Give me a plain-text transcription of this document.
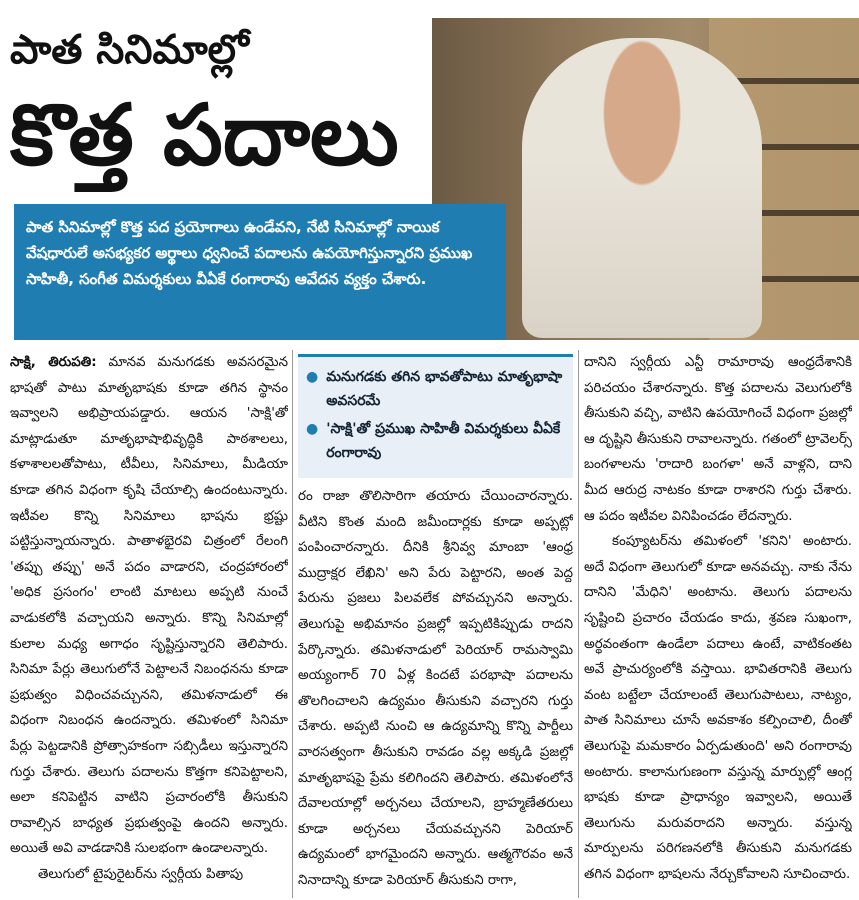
పాత సినిమాల్లో
కొత్త పదాలు
పాత సినిమాల్లో కొత్త పద ప్రయోగాలు ఉండేవని, నేటి సినిమాల్లో నాయిక వేషధారులే అసభ్యకర అర్థాలు ధ్వనించే పదాలను ఉపయోగిస్తున్నారని ప్రముఖ సాహితీ, సంగీత విమర్శకులు వీఏకే రంగారావు ఆవేదన వ్యక్తం చేశారు.

సాక్షి, తిరుపతి: మానవ మనుగడకు అవసరమైన భాషతో పాటు మాతృభాషకు కూడా తగిన స్థానం ఇవ్వాలని అభిప్రాయపడ్డారు. ఆయన 'సాక్షి'తో మాట్లాడుతూ మాతృభాషాభివృద్ధికి పాఠశాలలు, కళాశాలలతోపాటు, టీవీలు, సినిమాలు, మీడియా కూడా తగిన విధంగా కృషి చేయాల్సి ఉందంటున్నారు. ఇటీవల కొన్ని సినిమాలు భాషను భ్రష్టు పట్టిస్తున్నాయన్నారు. పాతాళభైరవి చిత్రంలో రేలంగి 'తప్పు తప్పు' అనే పదం వాడారని, చంద్రహారంలో 'అధిక ప్రసంగం' లాంటి మాటలు అప్పటి నుంచే వాడుకలోకి వచ్చాయని అన్నారు. కొన్ని సినిమాల్లో కులాల మధ్య అగాధం సృష్టిస్తున్నారని తెలిపారు. సినిమా పేర్లు తెలుగులోనే పెట్టాలనే నిబంధనను కూడా ప్రభుత్వం విధించవచ్చునని, తమిళనాడులో ఈ విధంగా నిబంధన ఉందన్నారు. తమిళంలో సినిమా పేర్లు పెట్టడానికి ప్రోత్సాహకంగా సబ్సిడీలు ఇస్తున్నారని గుర్తు చేశారు. తెలుగు పదాలను కొత్తగా కనిపెట్టాలని, అలా కనిపెట్టిన వాటిని ప్రచారంలోకి తీసుకుని రావాల్సిన బాధ్యత ప్రభుత్వంపై ఉందని అన్నారు. అయితే అవి వాడడానికి సులభంగా ఉండాలన్నారు.

తెలుగులో టైపురైటర్‌ను స్వర్గీయ పితాపు

● మనుగడకు తగిన భావతోపాటు మాతృభాషా అవసరమే
● 'సాక్షి'తో ప్రముఖ సాహితీ విమర్శకులు వీఏకే రంగారావు

రం రాజా తొలిసారిగా తయారు చేయించారన్నారు. వీటిని కొంత మంది జమీందార్లకు కూడా అప్పట్లో పంపించారన్నారు. దీనికి శ్రీనివ్వ మాంబా 'ఆంధ్ర ముద్రాక్షర లేఖిని' అని పేరు పెట్టారని, అంత పెద్ద పేరును ప్రజలు పిలవలేక పోవచ్చునని అన్నారు. తెలుగుపై అభిమానం ప్రజల్లో ఇప్పటికిప్పుడు రాదని పేర్కొన్నారు. తమిళనాడులో పెరియార్ రామస్వామి అయ్యంగార్ 70 ఏళ్ల కిందటే పరభాషా పదాలను తొలగించాలని ఉద్యమం తీసుకుని వచ్చారని గుర్తు చేశారు. అప్పటి నుంచి ఆ ఉద్యమాన్ని కొన్ని పార్టీలు వారసత్వంగా తీసుకుని రావడం వల్ల అక్కడి ప్రజల్లో మాతృభాషపై ప్రేమ కలిగిందని తెలిపారు. తమిళంలోనే దేవాలయాల్లో అర్చనలు చేయాలని, బ్రాహ్మణేతరులు కూడా అర్చనలు చేయవచ్చునని పెరియార్ ఉద్యమంలో భాగమైందని అన్నారు. ఆత్మగౌరవం అనే నినాదాన్ని కూడా పెరియార్ తీసుకుని రాగా,

దానిని స్వర్గీయ ఎన్టీ రామారావు ఆంధ్రదేశానికి పరిచయం చేశారన్నారు. కొత్త పదాలను వెలుగులోకి తీసుకుని వచ్చి, వాటిని ఉపయోగించే విధంగా ప్రజల్లో ఆ దృష్టిని తీసుకుని రావాలన్నారు. గతంలో ట్రావెలర్స్ బంగళాలను 'రాదారి బంగళా' అనే వాళ్లని, దాని మీద ఆరుద్ర నాటకం కూడా రాశారని గుర్తు చేశారు. ఆ పదం ఇటీవల వినిపించడం లేదన్నారు.

కంప్యూటర్‌ను తమిళంలో 'కనిని' అంటారు. అదే విధంగా తెలుగులో కూడా అనవచ్చు. నాకు నేను దానిని 'మేధిని' అంటాను. తెలుగు పదాలను సృష్టించి ప్రచారం చేయడం కాదు, శ్రవణ సుఖంగా, అర్థవంతంగా ఉండేలా పదాలు ఉంటే, వాటికంతట అవే ప్రాచుర్యంలోకి వస్తాయి. భావితరానికి తెలుగు వంట బట్టేలా చేయాలంటే తెలుగుపాటలు, నాట్యం, పాత సినిమాలు చూసే అవకాశం కల్పించాలి, దీంతో తెలుగుపై మమకారం ఏర్పడుతుంది' అని రంగారావు అంటారు. కాలానుగుణంగా వస్తున్న మార్పుల్లో ఆంగ్ల భాషకు కూడా ప్రాధాన్యం ఇవ్వాలని, అయితే తెలుగును మరువరాదని అన్నారు. వస్తున్న మార్పులను పరిగణనలోకి తీసుకుని మనుగడకు తగిన విధంగా భాషలను నేర్చుకోవాలని సూచించారు.
